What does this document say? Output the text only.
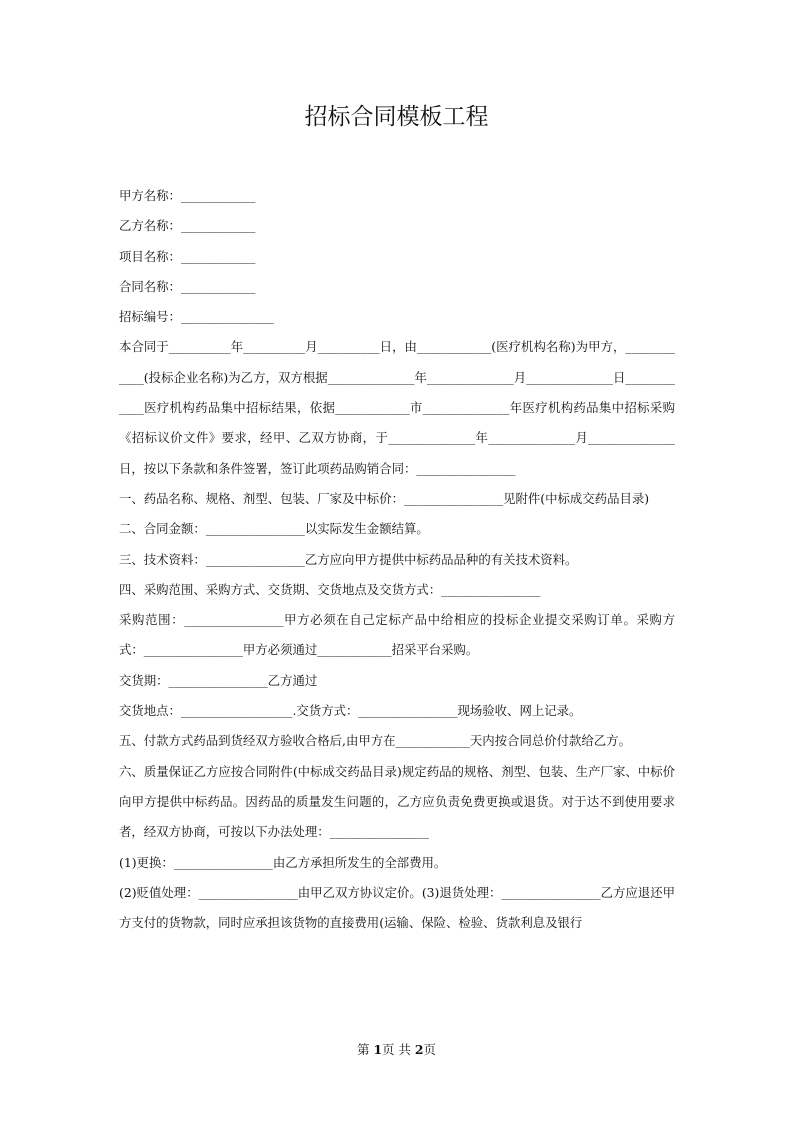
招标合同模板工程

甲方名称：____________

乙方名称：____________

项目名称：____________

合同名称：____________

招标编号：_______________

本合同于__________年__________月__________日，由____________(医疗机构名称)为甲方，____________(投标企业名称)为乙方，双方根据______________年______________月______________日____________医疗机构药品集中招标结果，依据____________市______________年医疗机构药品集中招标采购《招标议价文件》要求，经甲、乙双方协商，于______________年______________月______________日，按以下条款和条件签署，签订此项药品购销合同：________________

一、药品名称、规格、剂型、包装、厂家及中标价：________________见附件(中标成交药品目录)

二、合同金额：________________以实际发生金额结算。

三、技术资料：________________乙方应向甲方提供中标药品品种的有关技术资料。

四、采购范围、采购方式、交货期、交货地点及交货方式：________________

采购范围：________________甲方必须在自己定标产品中给相应的投标企业提交采购订单。采购方式：________________甲方必须通过____________招采平台采购。

交货期：________________乙方通过

交货地点：__________________.交货方式：________________现场验收、网上记录。

五、付款方式药品到货经双方验收合格后,由甲方在____________天内按合同总价付款给乙方。

六、质量保证乙方应按合同附件(中标成交药品目录)规定药品的规格、剂型、包装、生产厂家、中标价向甲方提供中标药品。因药品的质量发生问题的，乙方应负责免费更换或退货。对于达不到使用要求者，经双方协商，可按以下办法处理：________________

(1)更换：________________由乙方承担所发生的全部费用。

(2)贬值处理：________________由甲乙双方协议定价。(3)退货处理：________________乙方应退还甲方支付的货物款，同时应承担该货物的直接费用(运输、保险、检验、货款利息及银行

第 1页 共 2页
